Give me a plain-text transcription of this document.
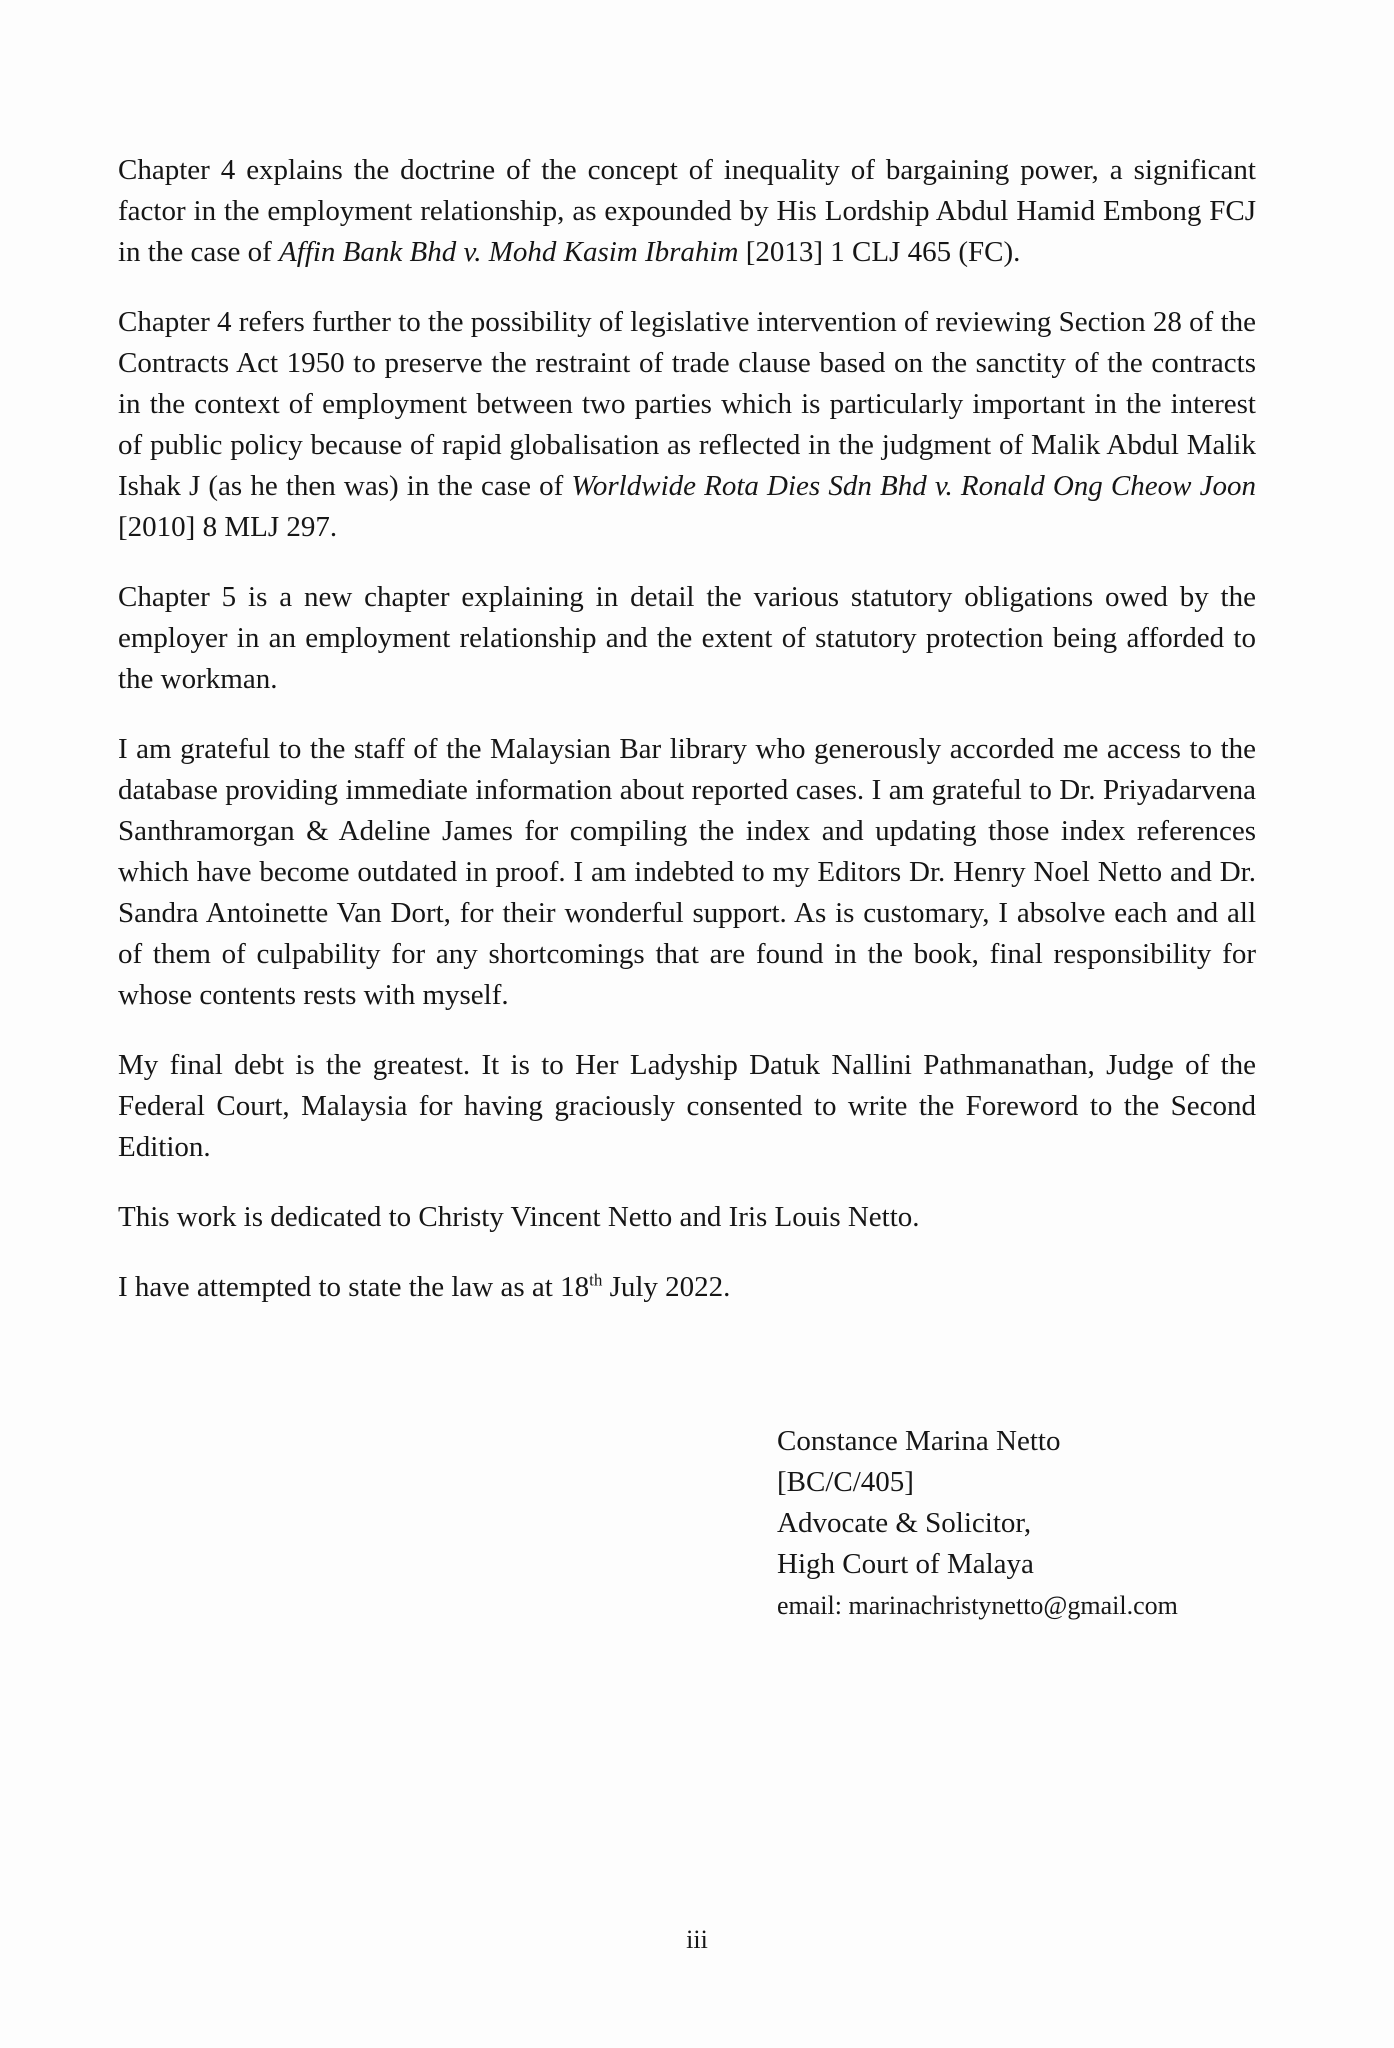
Chapter 4 explains the doctrine of the concept of inequality of bargaining power, a significant factor in the employment relationship, as expounded by His Lordship Abdul Hamid Embong FCJ in the case of Affin Bank Bhd v. Mohd Kasim Ibrahim [2013] 1 CLJ 465 (FC).

Chapter 4 refers further to the possibility of legislative intervention of reviewing Section 28 of the Contracts Act 1950 to preserve the restraint of trade clause based on the sanctity of the contracts in the context of employment between two parties which is particularly important in the interest of public policy because of rapid globalisation as reflected in the judgment of Malik Abdul Malik Ishak J (as he then was) in the case of Worldwide Rota Dies Sdn Bhd v. Ronald Ong Cheow Joon [2010] 8 MLJ 297.

Chapter 5 is a new chapter explaining in detail the various statutory obligations owed by the employer in an employment relationship and the extent of statutory protection being afforded to the workman.

I am grateful to the staff of the Malaysian Bar library who generously accorded me access to the database providing immediate information about reported cases. I am grateful to Dr. Priyadarvena Santhramorgan & Adeline James for compiling the index and updating those index references which have become outdated in proof. I am indebted to my Editors Dr. Henry Noel Netto and Dr. Sandra Antoinette Van Dort, for their wonderful support. As is customary, I absolve each and all of them of culpability for any shortcomings that are found in the book, final responsibility for whose contents rests with myself.

My final debt is the greatest. It is to Her Ladyship Datuk Nallini Pathmanathan, Judge of the Federal Court, Malaysia for having graciously consented to write the Foreword to the Second Edition.

This work is dedicated to Christy Vincent Netto and Iris Louis Netto.

I have attempted to state the law as at 18th July 2022.

Constance Marina Netto
[BC/C/405]
Advocate & Solicitor,
High Court of Malaya
email: marinachristynetto@gmail.com
iii
